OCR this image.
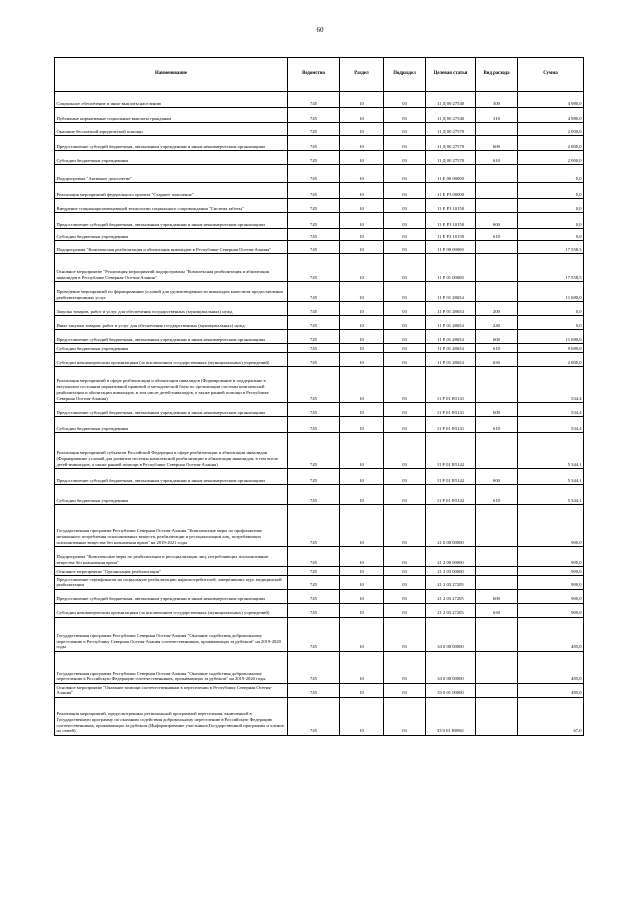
60
Наименование	Ведомство	Раздел	Подраздел	Целевая статья	Вид расхода	Сумма
Социальное обеспечение и иные выплаты населению	745	10	03	11 Д 00 27540	300	4 980,0
Публичные нормативные социальные выплаты гражданам	745	10	03	11 Д 00 27540	310	4 980,0
Оказание бесплатной юридической помощи	745	10	03	11 Д 00 27570		2 000,0
Предоставление субсидий бюджетным, автономным учреждениям и иным некоммерческим организациям	745	10	03	11 Д 00 27570	600	2 000,0
Субсидии бюджетным учреждениям	745	10	03	11 Д 00 27570	610	2 000,0
Подпрограмма "Активное долголетие"	745	10	03	11 Е 00 00000		0,0
Реализация мероприятий федерального проекта "Старшее поколение"	745	10	03	11 Е Р3 00000		0,0
Внедрение стационарозамещающей технологии социального сопровождения "Система заботы"	745	10	03	11 Е Р3 10150		0,0
Предоставление субсидий бюджетным, автономным учреждениям и иным некоммерческим организациям	745	10	03	11 Е Р3 10150	600	0,0
Субсидии бюджетным учреждениям	745	10	03	11 Е Р3 10150	610	0,0
Подпрограмма "Комплексная реабилитация и абилитация инвалидов в Республике Северная Осетия-Алания"	745	10	03	11 Р 00 00000		17 558,5
Основное мероприятие "Реализация мероприятий подпрограммы "Комплексная реабилитация и абилитация инвалидов в Республике Северная Осетия-Алания"	745	10	03	11 Р 01 00000		17 558,5
Проведение мероприятий по формированию условий для удовлетворенности инвалидов качеством предоставления реабилитационных услуг	745	10	03	11 Р 01 28654		11 680,0
Закупка товаров, работ и услуг для обеспечения государственных (муниципальных) нужд	745	10	03	11 Р 01 28654	200	0,0
Иные закупки товаров, работ и услуг для обеспечения государственных (муниципальных) нужд	745	10	03	11 Р 01 28654	240	0,0
Предоставление субсидий бюджетным, автономным учреждениям и иным некоммерческим организациям	745	10	03	11 Р 01 28654	600	11 680,0
Субсидии бюджетным учреждениям	745	10	03	11 Р 01 28654	610	9 680,0
Субсидии некоммерческим организациям (за исключением государственных (муниципальных) учреждений)	745	10	03	11 Р 01 28654	630	2 000,0
Реализация мероприятий в сфере реабилитации и абилитации инвалидов (Формирование и поддержание в актуальном состоянии нормативной правовой и методической базы по организации системы комплексной реабилитации и абилитации инвалидов, в том числе детей-инвалидов, а также ранней помощи в Республике Северная Осетия-Алания)	745	10	03	11 Р 01 R5141		534,4
Предоставление субсидий бюджетным, автономным учреждениям и иным некоммерческим организациям	745	10	03	11 Р 01 R5141	600	534,4
Субсидии бюджетным учреждениям	745	10	03	11 Р 01 R5141	610	534,4
Реализация мероприятий субъектов Российской Федерации в сфере реабилитации и абилитации инвалидов (Формирование условий для развития системы комплексной реабилитации и абилитации инвалидов, в том числе детей-инвалидов, а также ранней помощи в Республике Северная Осетия-Алания)	745	10	03	11 Р 01 R5142		5 344,1
Предоставление субсидий бюджетным, автономным учреждениям и иным некоммерческим организациям	745	10	03	11 Р 01 R5142	600	5 344,1
Субсидии бюджетным учреждениям	745	10	03	11 Р 01 R5142	610	5 344,1
Государственная программа Республики Северная Осетия-Алания "Комплексные меры по профилактике незаконного потребления психоактивных веществ, реабилитации и ресоциализации лиц, потребляющих психоактивные вещества без назначения врача" на 2019-2021 годы	745	10	03	21 0 00 00000		900,0
Подпрограмма "Комплексные меры по реабилитации и ресоциализации лиц, потребляющих психоактивные вещества без назначения врача"	745	10	03	21 2 00 00000		900,0
Основное мероприятие "Организация реабилитации"	745	10	03	21 2 03 00000		900,0
Предоставление сертификатов на социальную реабилитацию наркопотребителей, завершивших курс медицинской реабилитации	745	10	03	21 2 03 27205		900,0
Предоставление субсидий бюджетным, автономным учреждениям и иным некоммерческим организациям	745	10	03	21 2 03 27205	600	900,0
Субсидии некоммерческим организациям (за исключением государственных (муниципальных) учреждений)	745	10	03	21 2 03 27205	630	900,0
Государственная программа Республики Северная Осетия-Алания "Оказание содействия добровольному переселению в Республику Северная Осетия-Алания соотечественников, проживающих за рубежом" на 2019-2020 годы	745	10	03	33 0 00 00000		485,0
Государственная программа Республики Северная Осетия-Алания "Оказание содействия добровольному переселению в Российскую Федерацию соотечественников, проживающих за рубежом" на 2019-2020 годы	745	10	03	33 0 00 00000		485,0
Основное мероприятие "Оказание помощи соотечественникам в переселении в Республику Северная Осетия-Алания"	745	10	03	33 0 01 00000		485,0
Реализация мероприятий, предусмотренных региональной программой переселения, включенной в Государственную программу по оказанию содействия добровольному переселению в Российскую Федерацию соотечественников, проживающих за рубежом (Информирование участников Государственной программы и членов их семей)	745	10	03	33 0 01 R0861		67,0
